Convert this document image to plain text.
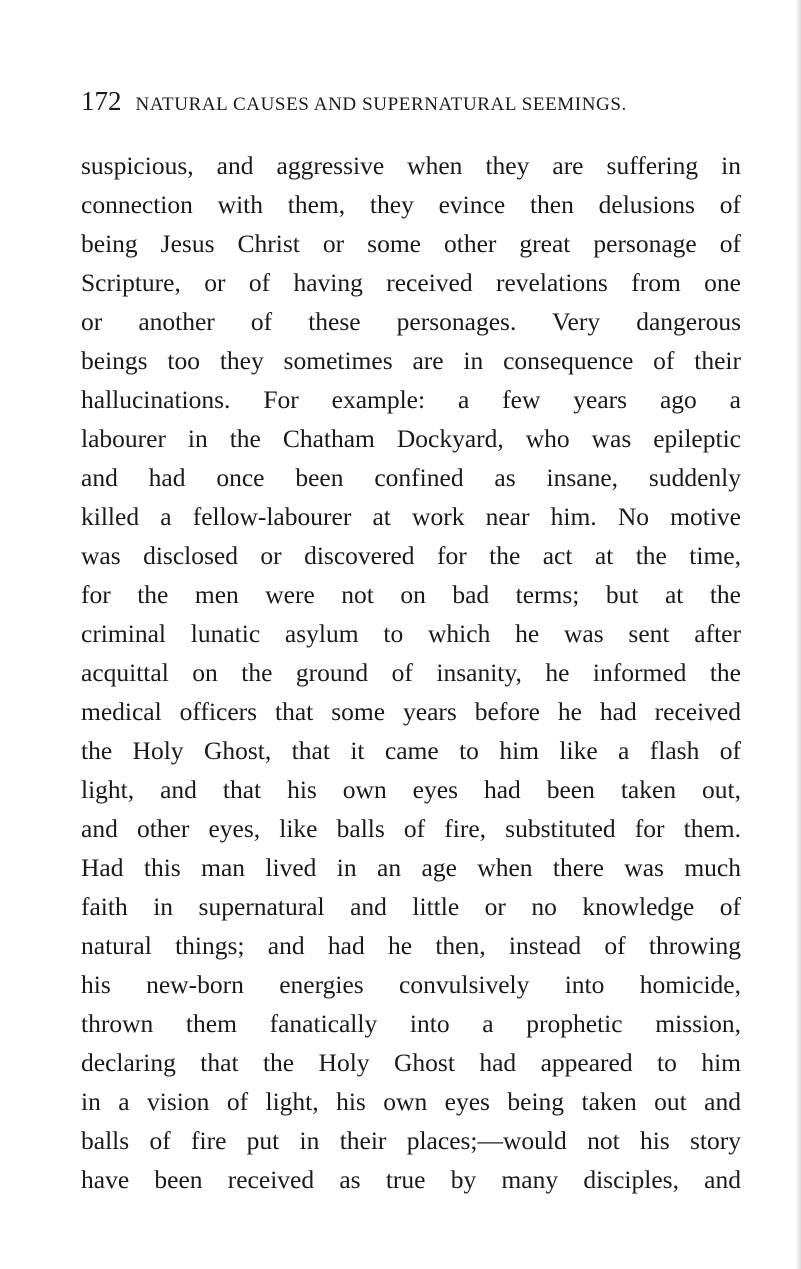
172 NATURAL CAUSES AND SUPERNATURAL SEEMINGS.
suspicious, and aggressive when they are suffering in
connection with them, they evince then delusions of
being Jesus Christ or some other great personage of
Scripture, or of having received revelations from one
or another of these personages. Very dangerous
beings too they sometimes are in consequence of their
hallucinations. For example: a few years ago a
labourer in the Chatham Dockyard, who was epileptic
and had once been confined as insane, suddenly
killed a fellow-labourer at work near him. No motive
was disclosed or discovered for the act at the time,
for the men were not on bad terms; but at the
criminal lunatic asylum to which he was sent after
acquittal on the ground of insanity, he informed the
medical officers that some years before he had received
the Holy Ghost, that it came to him like a flash of
light, and that his own eyes had been taken out,
and other eyes, like balls of fire, substituted for them.
Had this man lived in an age when there was much
faith in supernatural and little or no knowledge of
natural things; and had he then, instead of throwing
his new-born energies convulsively into homicide,
thrown them fanatically into a prophetic mission,
declaring that the Holy Ghost had appeared to him
in a vision of light, his own eyes being taken out and
balls of fire put in their places;—would not his story
have been received as true by many disciples, and
